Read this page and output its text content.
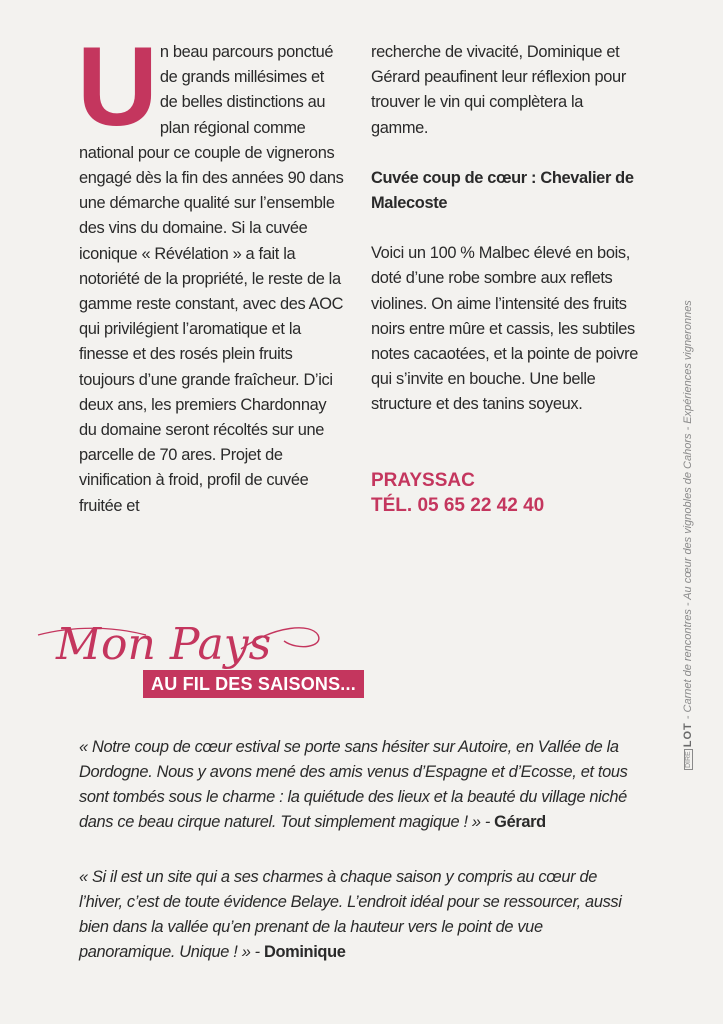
Un beau parcours ponctué de grands millésimes et de belles distinctions au plan régional comme national pour ce couple de vignerons engagé dès la fin des années 90 dans une démarche qualité sur l’ensemble des vins du domaine. Si la cuvée iconique « Révélation » a fait la notoriété de la propriété, le reste de la gamme reste constant, avec des AOC qui privilégient l’aromatique et la finesse et des rosés plein fruits toujours d’une grande fraîcheur. D’ici deux ans, les premiers Chardonnay du domaine seront récoltés sur une parcelle de 70 ares. Projet de vinification à froid, profil de cuvée fruitée et

recherche de vivacité, Dominique et Gérard peaufinent leur réflexion pour trouver le vin qui complètera la gamme.

Cuvée coup de cœur : Chevalier de Malecoste

Voici un 100 % Malbec élevé en bois, doté d’une robe sombre aux reflets violines. On aime l’intensité des fruits noirs entre mûre et cassis, les subtiles notes cacaotées, et la pointe de poivre qui s’invite en bouche. Une belle structure et des tanins soyeux.

PRAYSSAC
TÉL. 05 65 22 42 40

DIRELOT - Carnet de rencontres - Au cœur des vignobles de Cahors - Expériences vigneronnes
Mon Pays
AU FIL DES SAISONS...

« Notre coup de cœur estival se porte sans hésiter sur Autoire, en Vallée de la Dordogne. Nous y avons mené des amis venus d’Espagne et d’Ecosse, et tous sont tombés sous le charme : la quiétude des lieux et la beauté du village niché dans ce beau cirque naturel. Tout simplement magique ! » - Gérard

« Si il est un site qui a ses charmes à chaque saison y compris au cœur de l’hiver, c’est de toute évidence Belaye. L’endroit idéal pour se ressourcer, aussi bien dans la vallée qu’en prenant de la hauteur vers le point de vue panoramique. Unique ! » - Dominique
